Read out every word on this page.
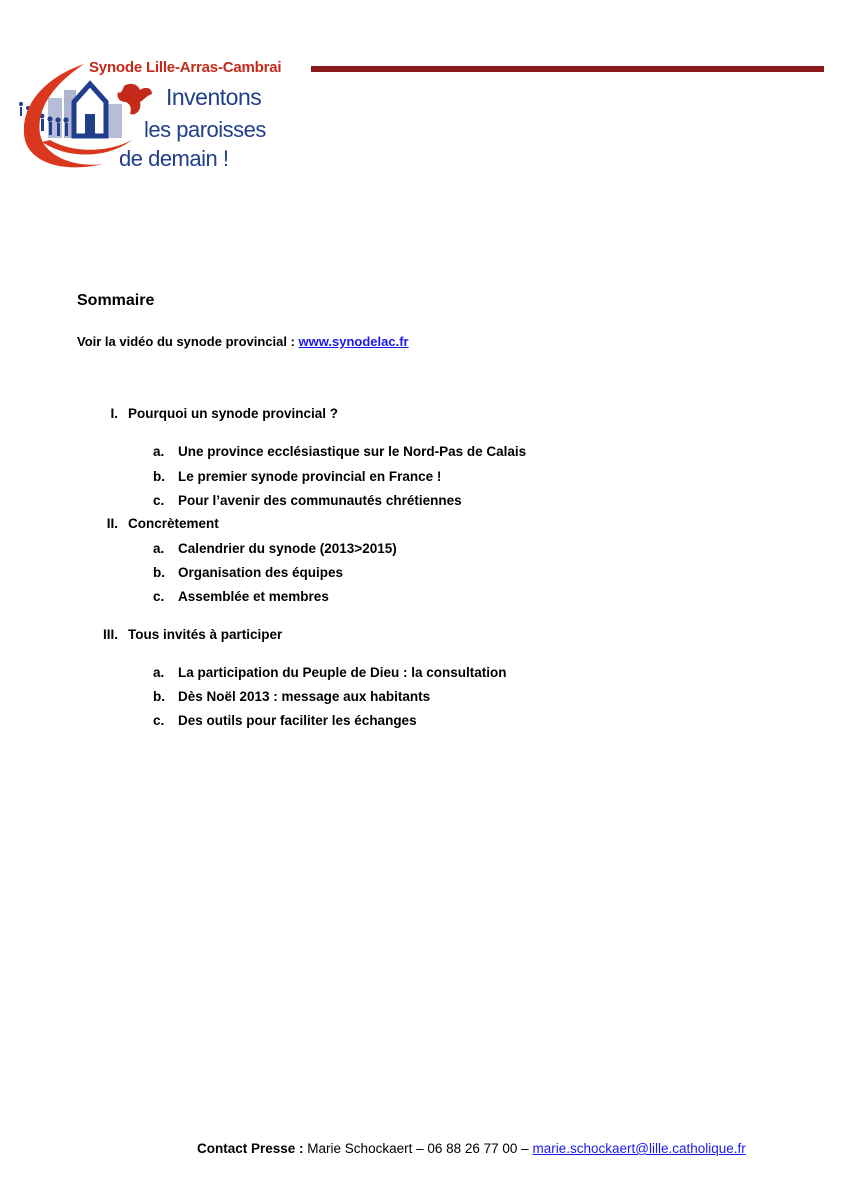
Synode Lille-Arras-Cambrai
Inventons
les paroisses
de demain !
Sommaire
Voir la vidéo du synode provincial : www.synodelac.fr
I. Pourquoi un synode provincial ?
a. Une province ecclésiastique sur le Nord-Pas de Calais
b. Le premier synode provincial en France !
c. Pour l’avenir des communautés chrétiennes
II. Concrètement
a. Calendrier du synode (2013>2015)
b. Organisation des équipes
c. Assemblée et membres
III. Tous invités à participer
a. La participation du Peuple de Dieu : la consultation
b. Dès Noël 2013 : message aux habitants
c. Des outils pour faciliter les échanges
Contact Presse : Marie Schockaert – 06 88 26 77 00 – marie.schockaert@lille.catholique.fr
